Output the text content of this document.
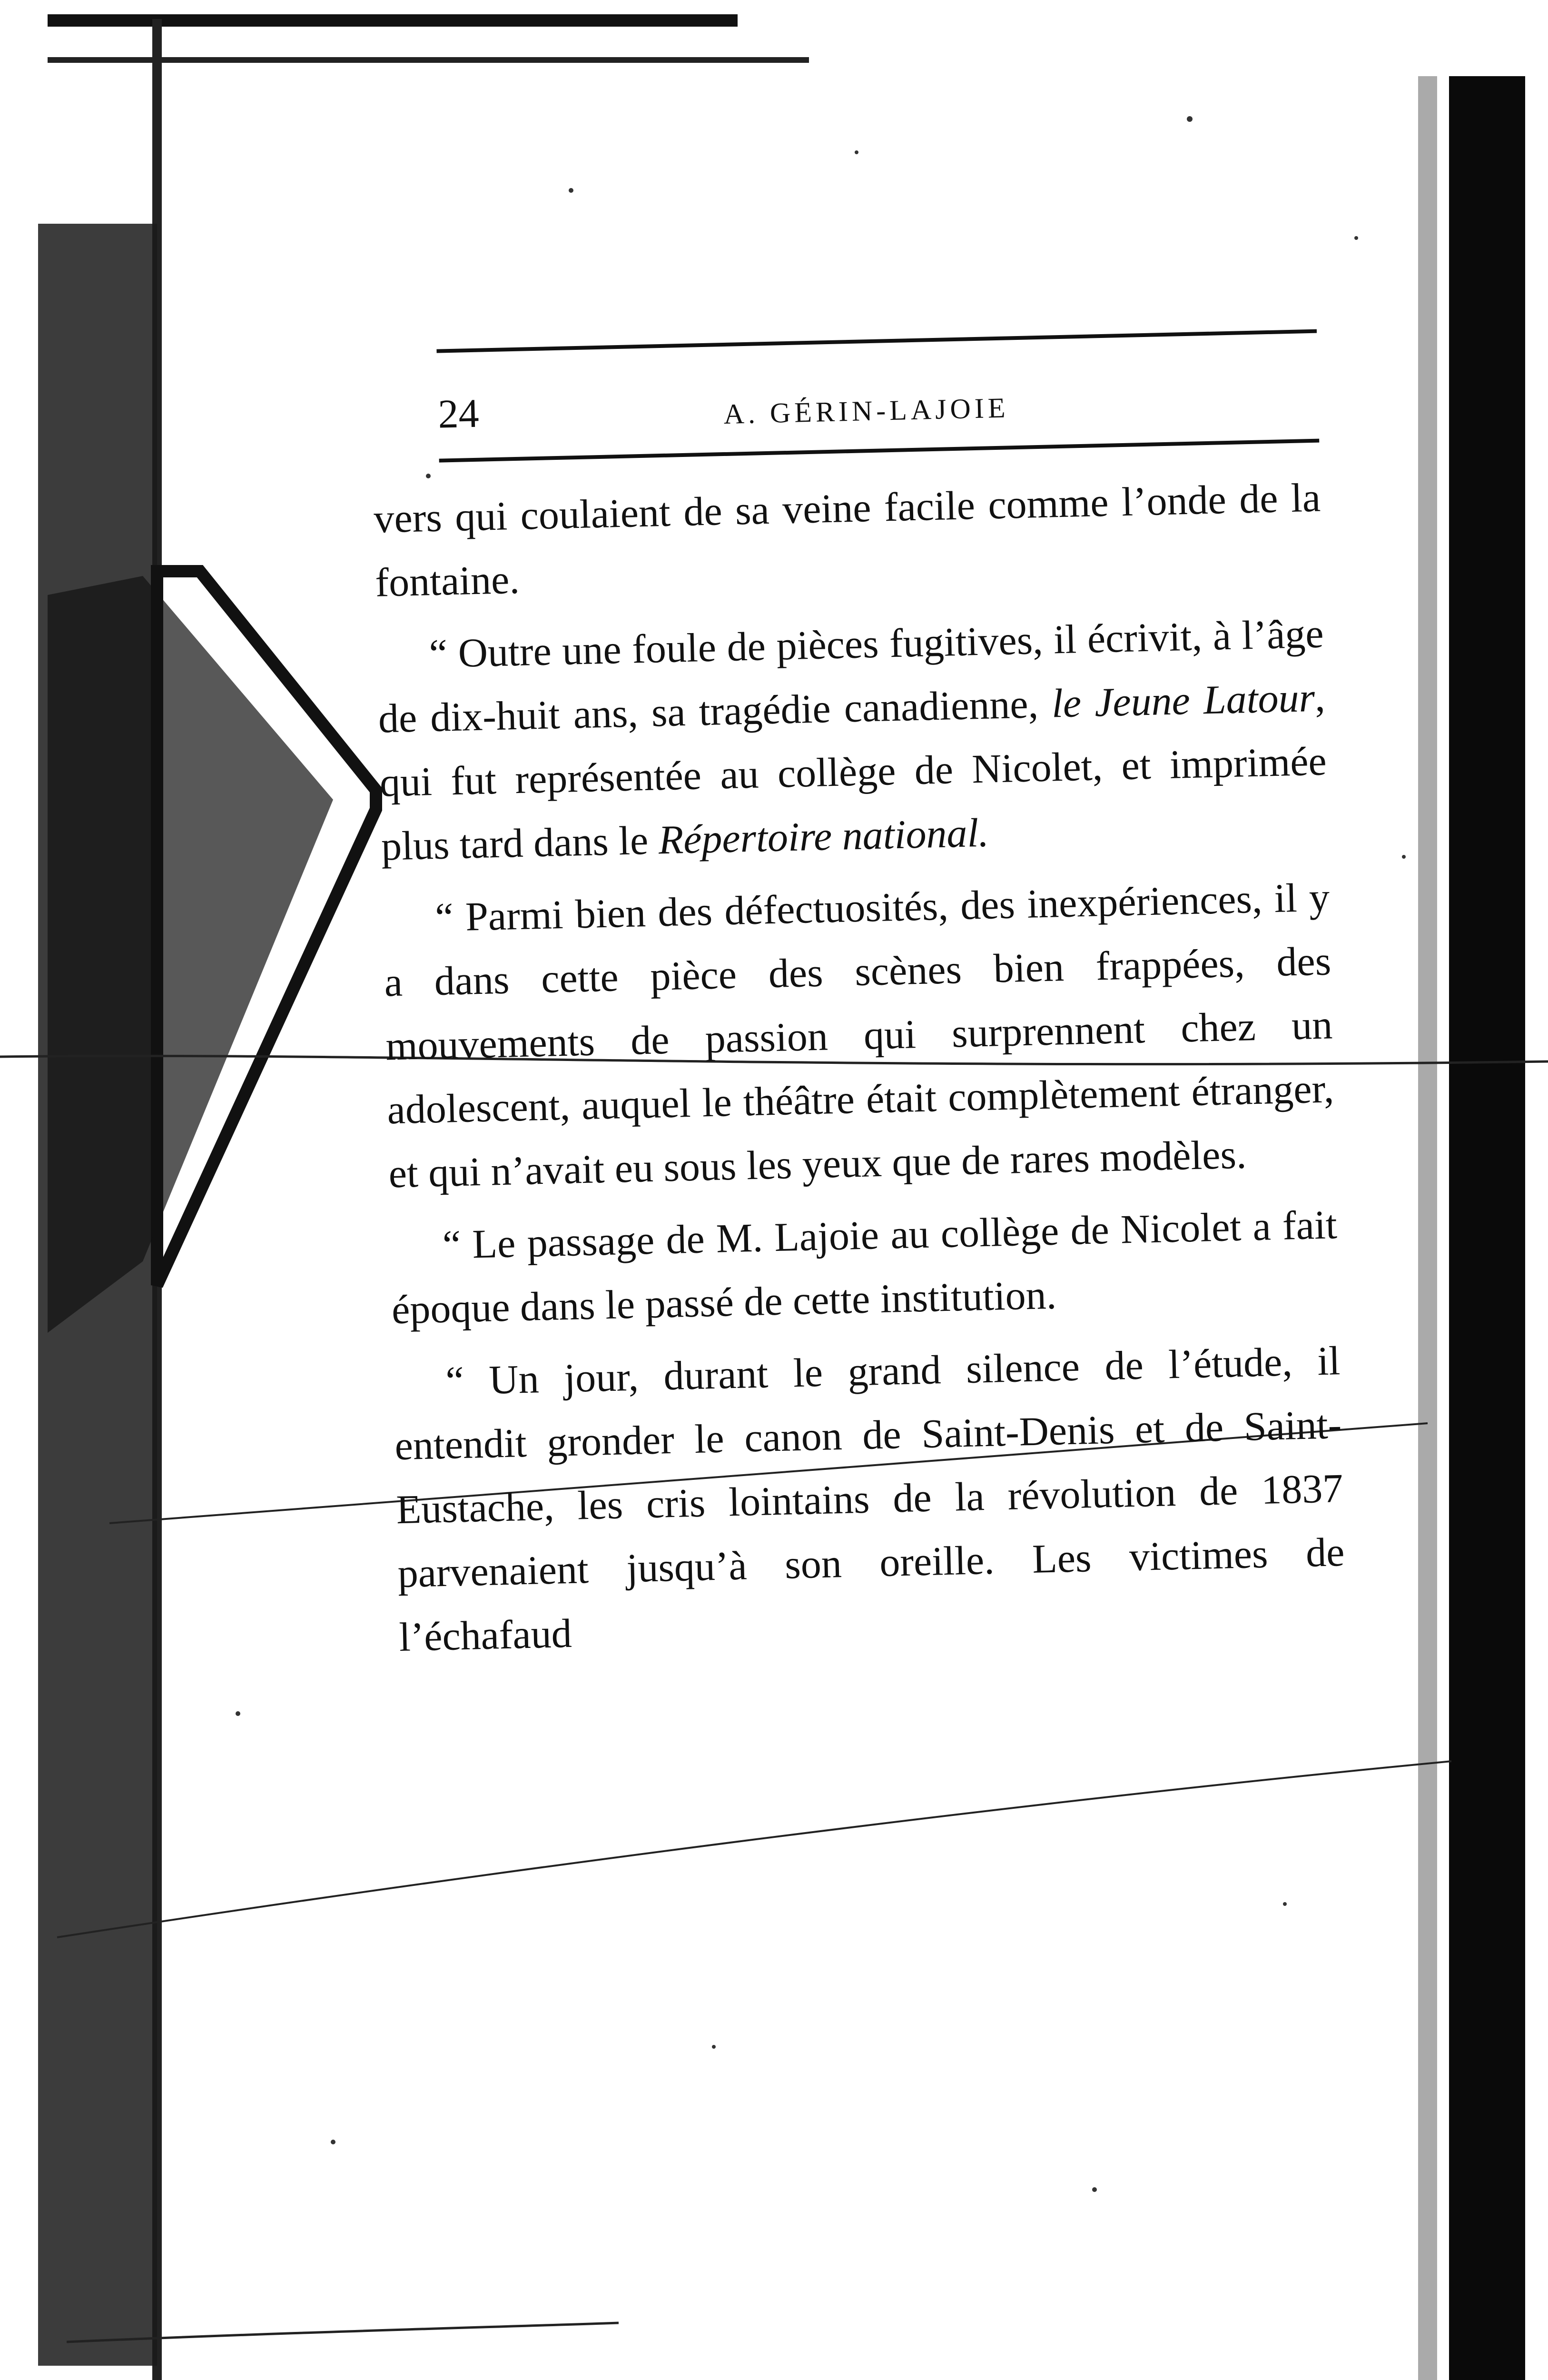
24	A. GÉRIN-LAJOIE

vers qui coulaient de sa veine facile comme l’onde de la fontaine.

“ Outre une foule de pièces fugitives, il écrivit, à l’âge de dix-huit ans, sa tragédie canadienne, le Jeune Latour, qui fut représentée au collège de Nicolet, et imprimée plus tard dans le Répertoire national.

“ Parmi bien des défectuosités, des inexpériences, il y a dans cette pièce des scènes bien frappées, des mouvements de passion qui surprennent chez un adolescent, auquel le théâtre était complètement étranger, et qui n’avait eu sous les yeux que de rares modèles.

“ Le passage de M. Lajoie au collège de Nicolet a fait époque dans le passé de cette institution.

“ Un jour, durant le grand silence de l’étude, il entendit gronder le canon de Saint-Denis et de Saint-Eustache, les cris lointains de la révolution de 1837 parvenaient jusqu’à son oreille. Les victimes de l’échafaud
